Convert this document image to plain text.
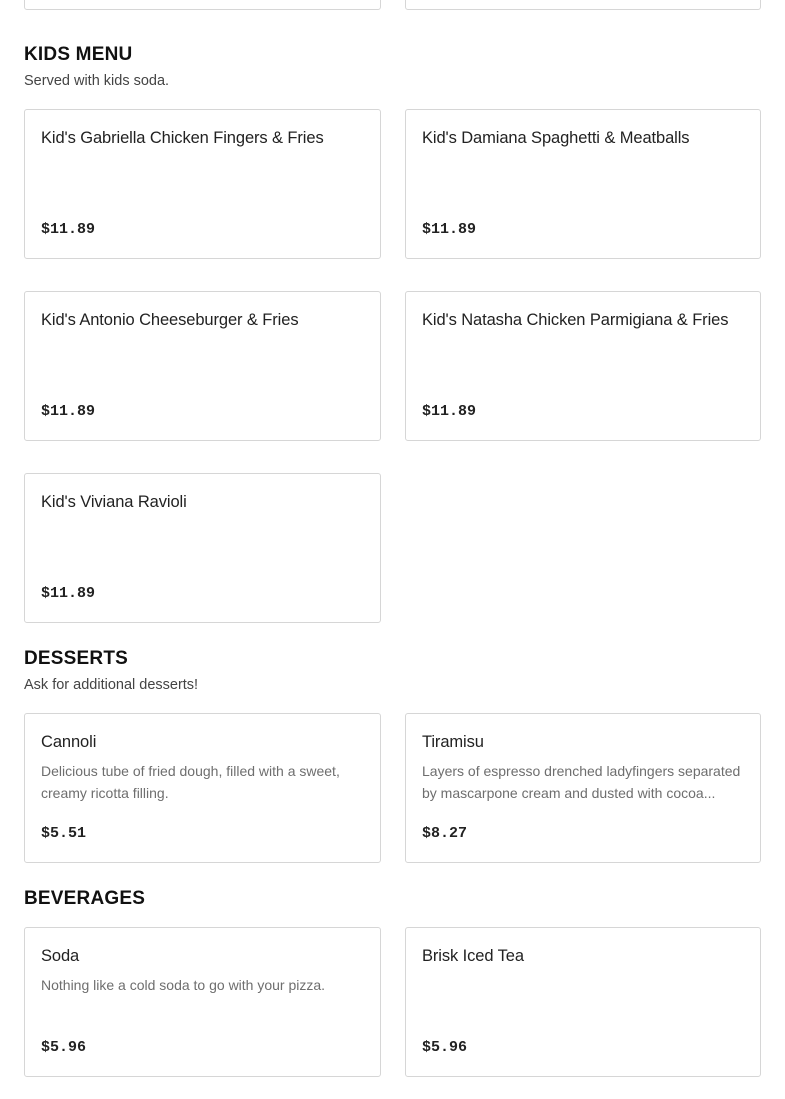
KIDS MENU
Served with kids soda.
Kid's Gabriella Chicken Fingers & Fries
$11.89
Kid's Damiana Spaghetti & Meatballs
$11.89
Kid's Antonio Cheeseburger & Fries
$11.89
Kid's Natasha Chicken Parmigiana & Fries
$11.89
Kid's Viviana Ravioli
$11.89
DESSERTS
Ask for additional desserts!
Cannoli
Delicious tube of fried dough, filled with a sweet, creamy ricotta filling.
$5.51
Tiramisu
Layers of espresso drenched ladyfingers separated by mascarpone cream and dusted with cocoa...
$8.27
BEVERAGES
Soda
Nothing like a cold soda to go with your pizza.
$5.96
Brisk Iced Tea
$5.96
